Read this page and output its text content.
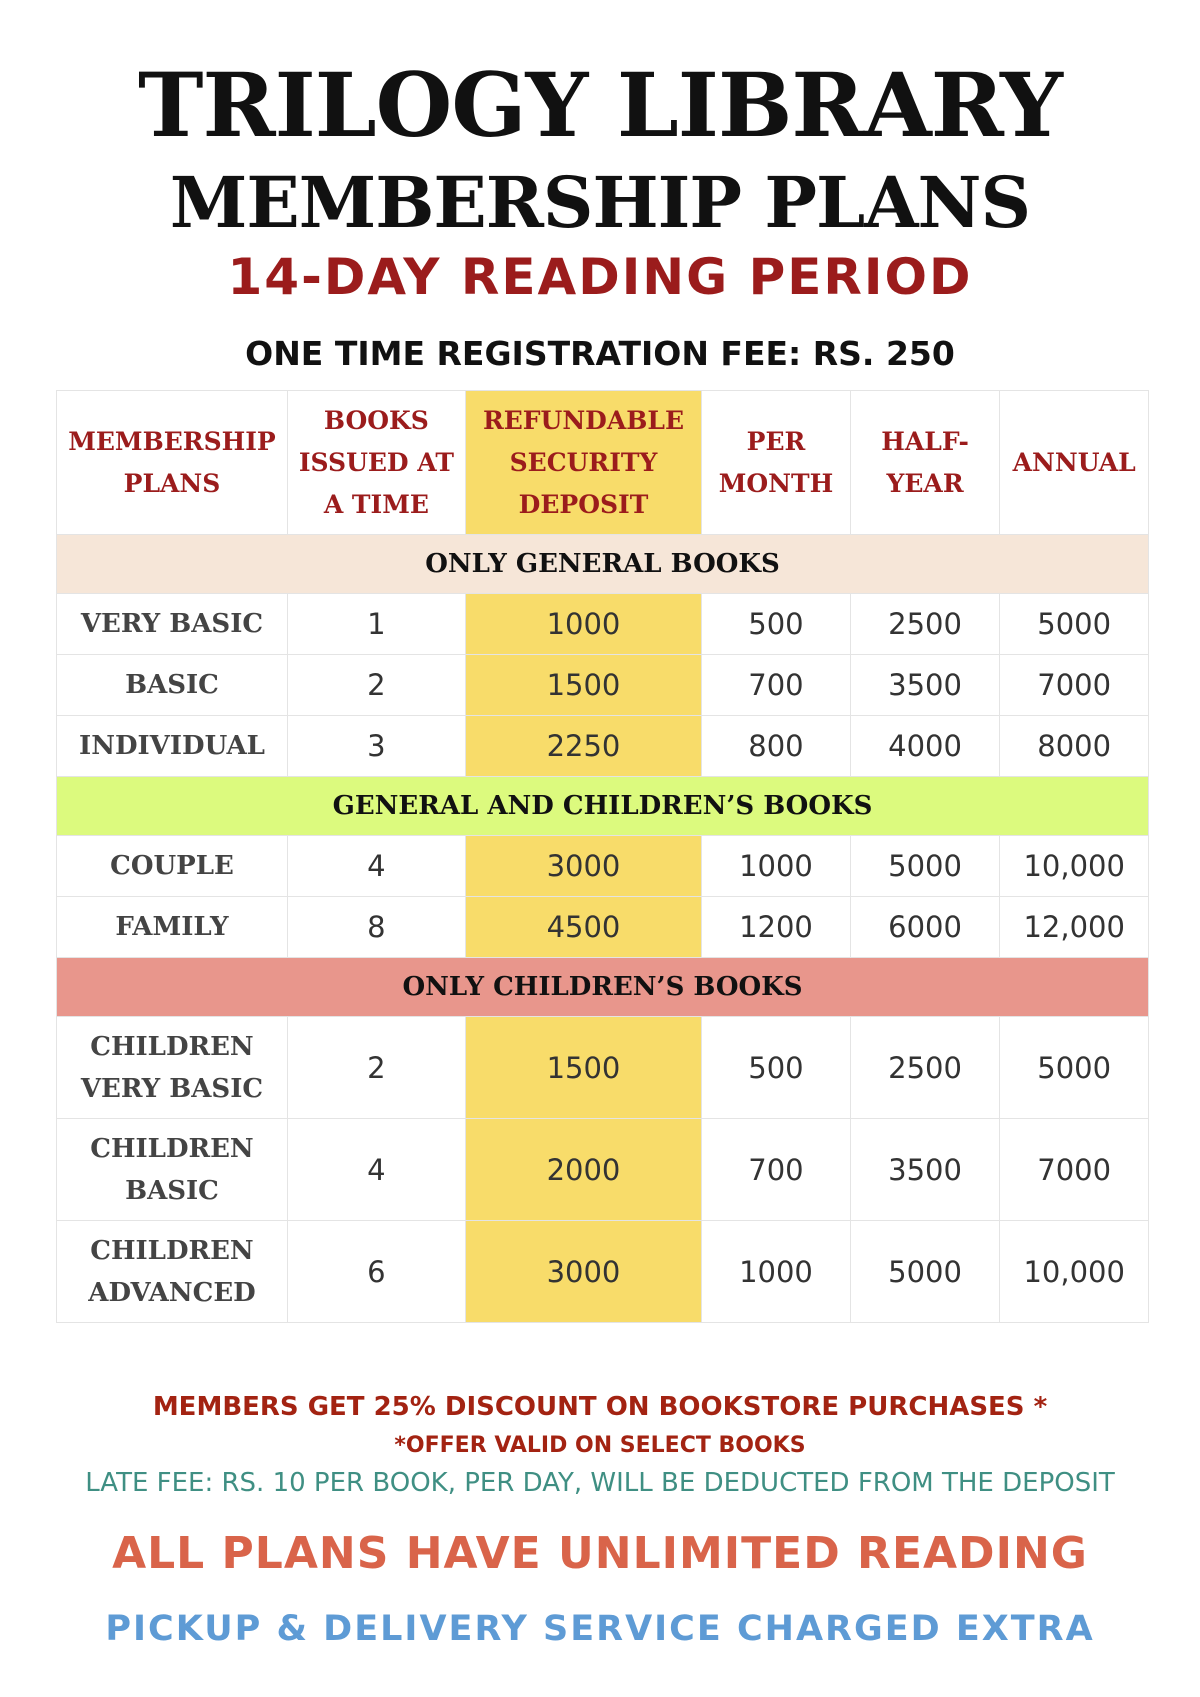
TRILOGY LIBRARY
MEMBERSHIP PLANS
14-DAY READING PERIOD
ONE TIME REGISTRATION FEE: RS. 250
MEMBERSHIP PLANS	BOOKS ISSUED AT A TIME	REFUNDABLE SECURITY DEPOSIT	PER MONTH	HALF-YEAR	ANNUAL
ONLY GENERAL BOOKS					
VERY BASIC	1	1000	500	2500	5000
BASIC	2	1500	700	3500	7000
INDIVIDUAL	3	2250	800	4000	8000
GENERAL AND CHILDREN’S BOOKS					
COUPLE	4	3000	1000	5000	10,000
FAMILY	8	4500	1200	6000	12,000
ONLY CHILDREN’S BOOKS					
CHILDREN VERY BASIC	2	1500	500	2500	5000
CHILDREN BASIC	4	2000	700	3500	7000
CHILDREN ADVANCED	6	3000	1000	5000	10,000
MEMBERS GET 25% DISCOUNT ON BOOKSTORE PURCHASES *
*OFFER VALID ON SELECT BOOKS
LATE FEE: RS. 10 PER BOOK, PER DAY, WILL BE DEDUCTED FROM THE DEPOSIT
ALL PLANS HAVE UNLIMITED READING
PICKUP & DELIVERY SERVICE CHARGED EXTRA
